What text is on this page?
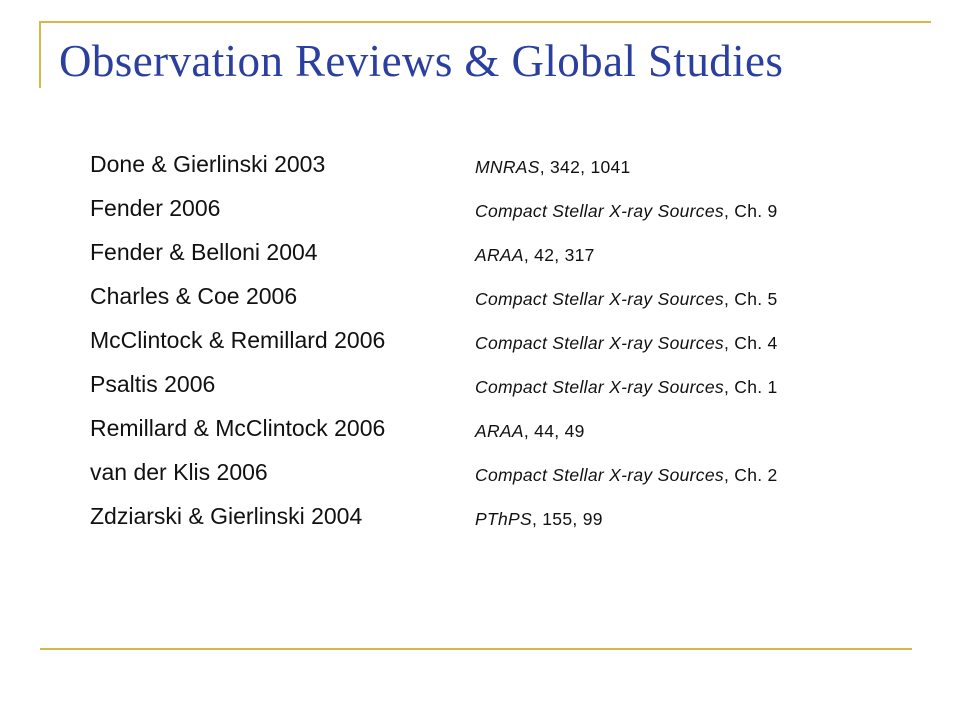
Observation Reviews & Global Studies
Done & Gierlinski 2003	MNRAS, 342, 1041
Fender 2006	Compact Stellar X-ray Sources, Ch. 9
Fender & Belloni 2004	ARAA, 42, 317
Charles & Coe 2006	Compact Stellar X-ray Sources, Ch. 5
McClintock & Remillard 2006	Compact Stellar X-ray Sources, Ch. 4
Psaltis 2006	Compact Stellar X-ray Sources, Ch. 1
Remillard & McClintock 2006	ARAA, 44, 49
van der Klis 2006	Compact Stellar X-ray Sources, Ch. 2
Zdziarski & Gierlinski 2004	PThPS, 155, 99
